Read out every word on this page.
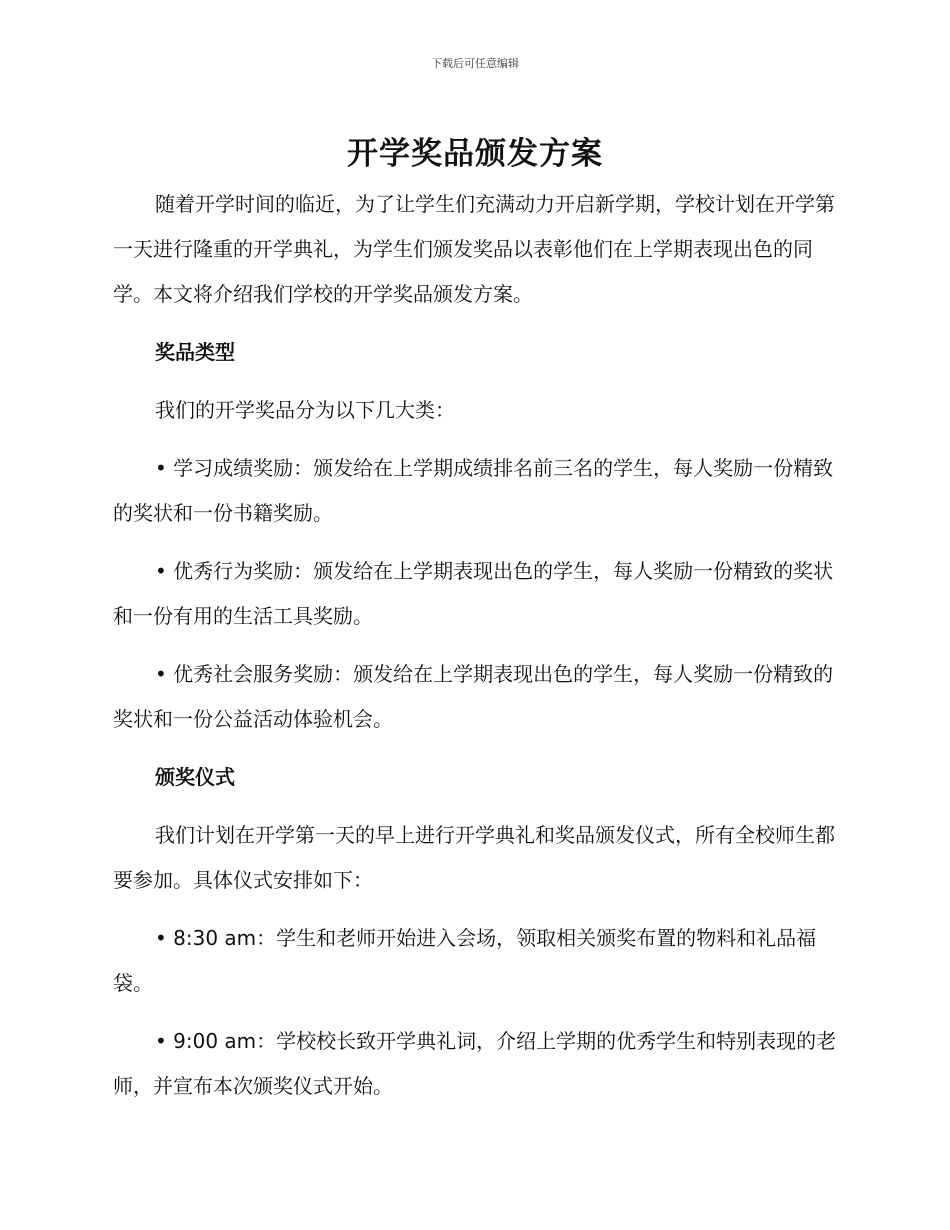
下载后可任意编辑
开学奖品颁发方案

随着开学时间的临近，为了让学生们充满动力开启新学期，学校计划在开学第一天进行隆重的开学典礼，为学生们颁发奖品以表彰他们在上学期表现出色的同学。本文将介绍我们学校的开学奖品颁发方案。

奖品类型

我们的开学奖品分为以下几大类：

• 学习成绩奖励：颁发给在上学期成绩排名前三名的学生，每人奖励一份精致的奖状和一份书籍奖励。

• 优秀行为奖励：颁发给在上学期表现出色的学生，每人奖励一份精致的奖状和一份有用的生活工具奖励。

• 优秀社会服务奖励：颁发给在上学期表现出色的学生，每人奖励一份精致的奖状和一份公益活动体验机会。

颁奖仪式

我们计划在开学第一天的早上进行开学典礼和奖品颁发仪式，所有全校师生都要参加。具体仪式安排如下：

• 8:30 am：学生和老师开始进入会场，领取相关颁奖布置的物料和礼品福袋。

• 9:00 am：学校校长致开学典礼词，介绍上学期的优秀学生和特别表现的老师，并宣布本次颁奖仪式开始。
